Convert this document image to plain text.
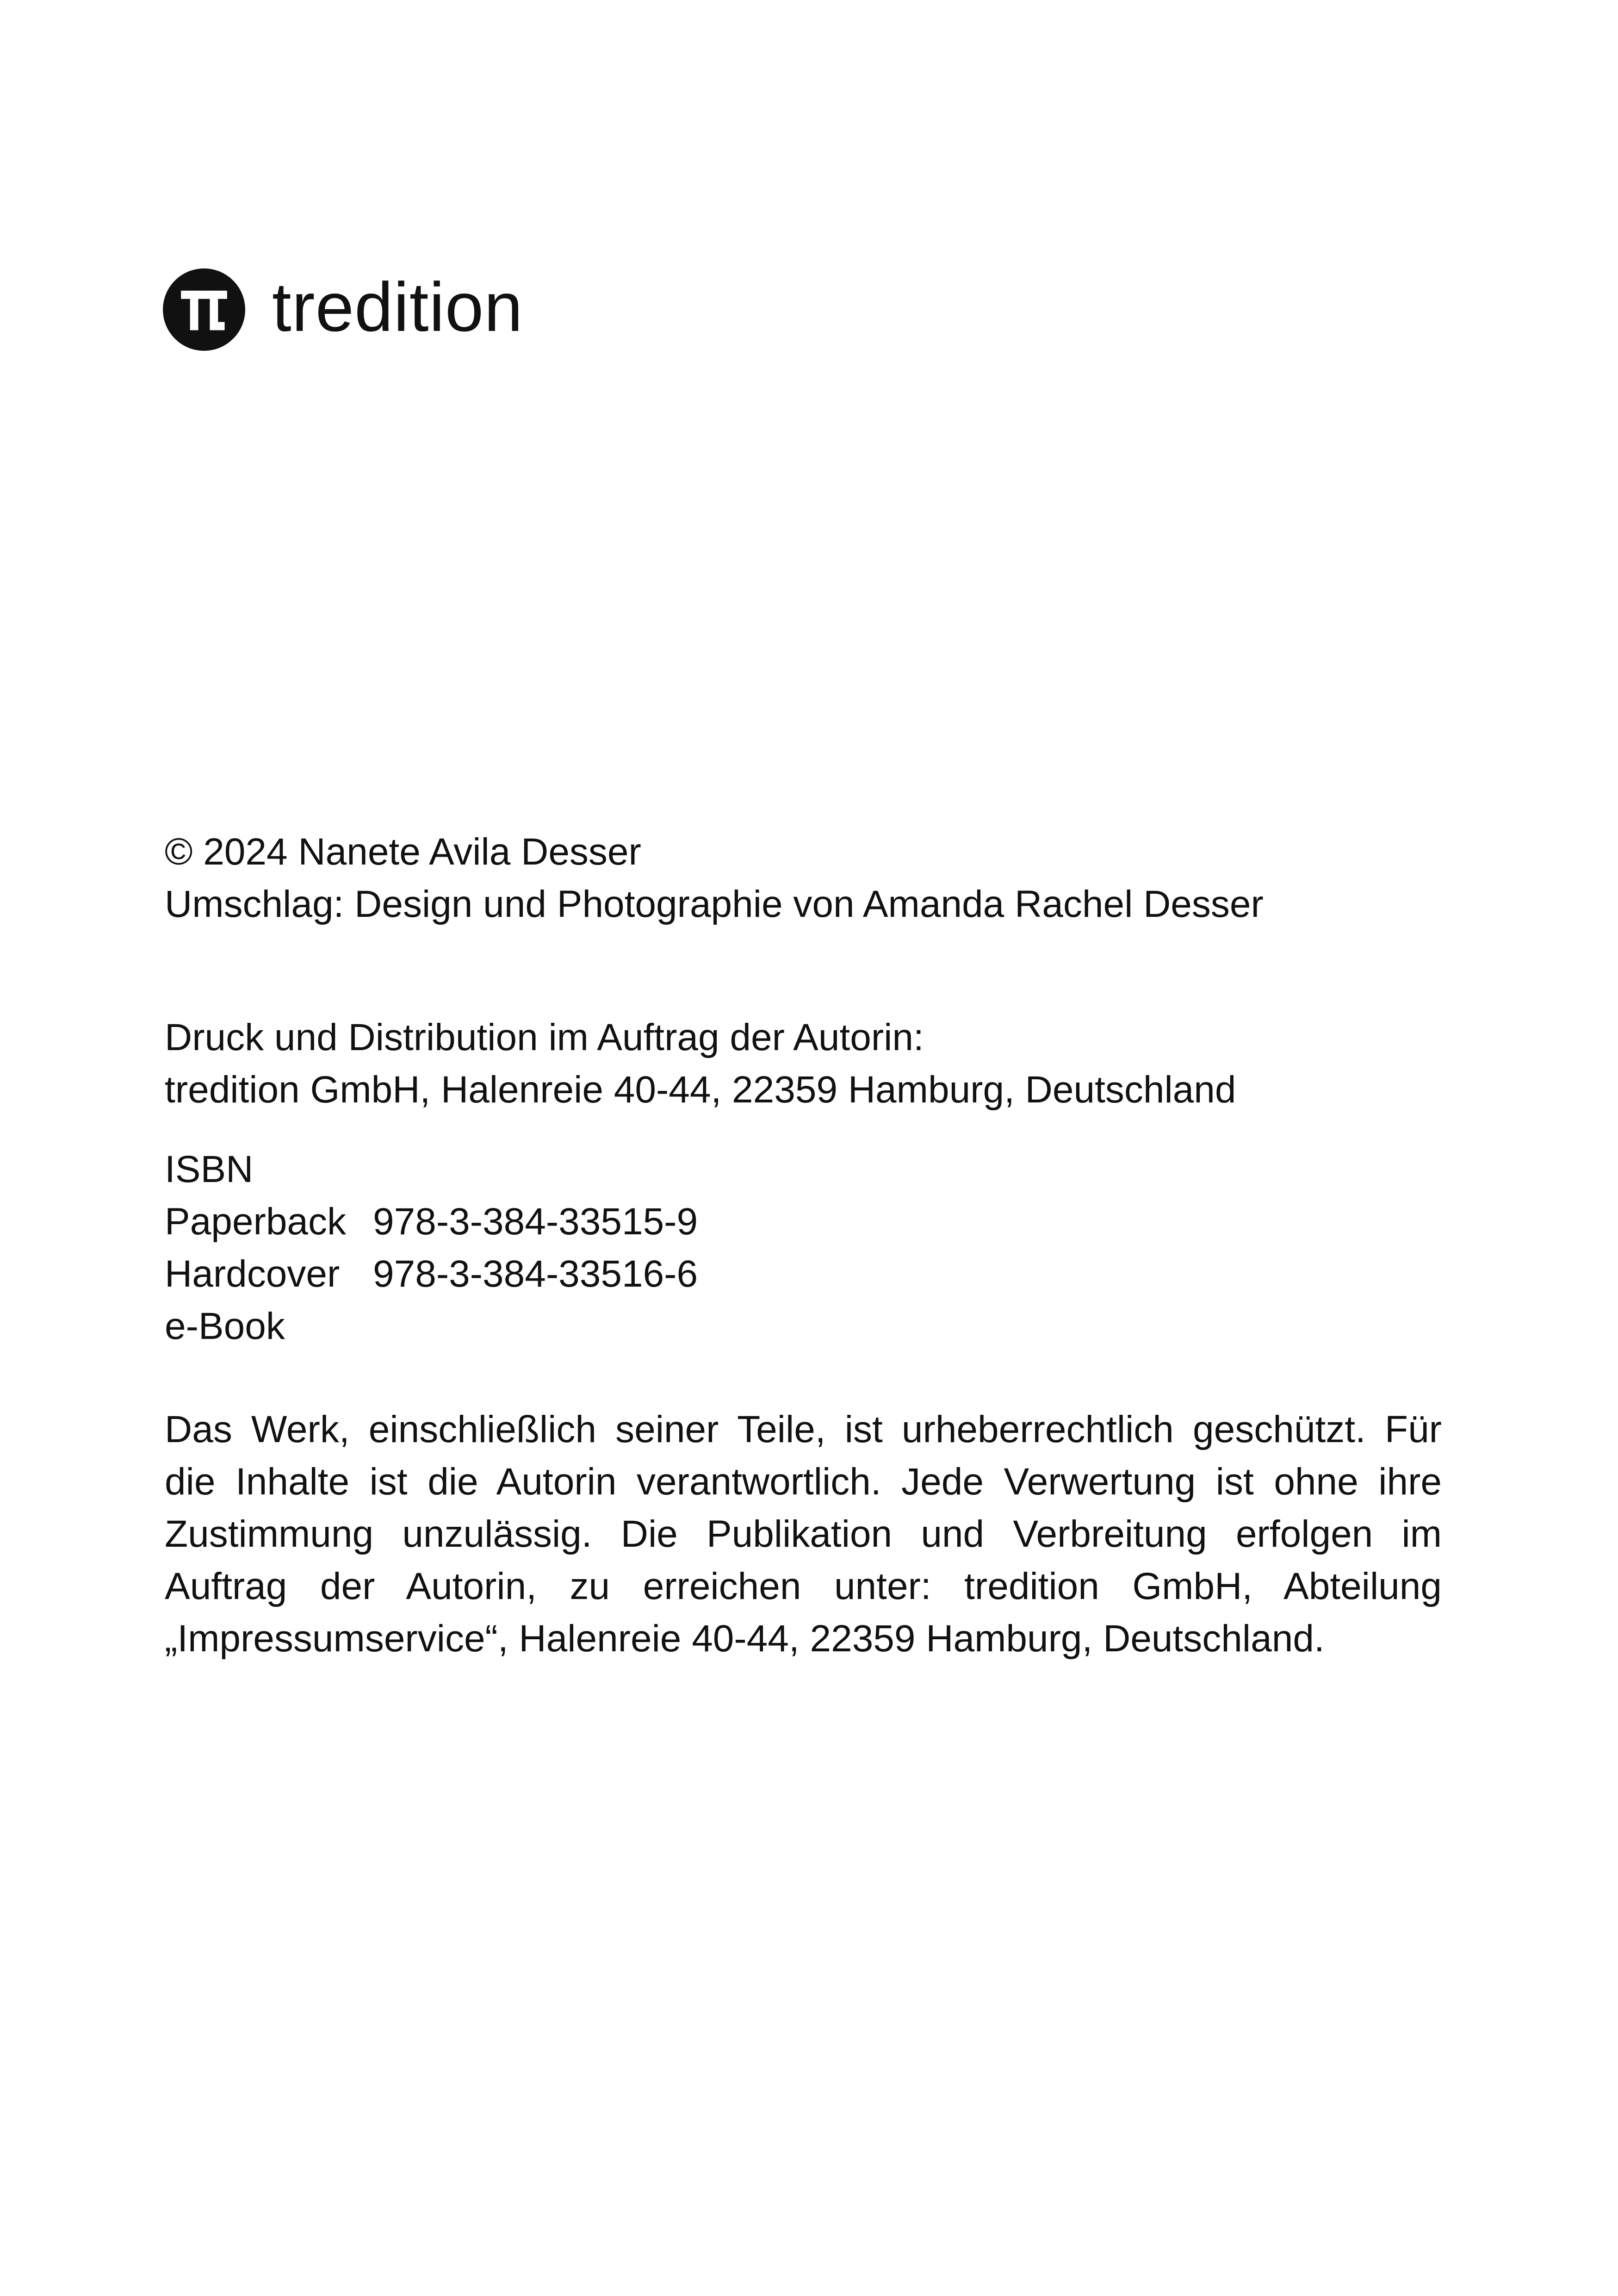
tredition

© 2024 Nanete Avila Desser

Umschlag: Design und Photographie von Amanda Rachel Desser

Druck und Distribution im Auftrag der Autorin:

tredition GmbH, Halenreie 40-44, 22359 Hamburg, Deutschland

ISBN

Paperback 978-3-384-33515-9
Hardcover 978-3-384-33516-6
e-Book
Das Werk, einschließlich seiner Teile, ist urheberrechtlich geschützt. Für
die Inhalte ist die Autorin verantwortlich. Jede Verwertung ist ohne ihre
Zustimmung unzulässig. Die Publikation und Verbreitung erfolgen im
Auftrag der Autorin, zu erreichen unter: tredition GmbH, Abteilung
„Impressumservice“, Halenreie 40-44, 22359 Hamburg, Deutschland.
